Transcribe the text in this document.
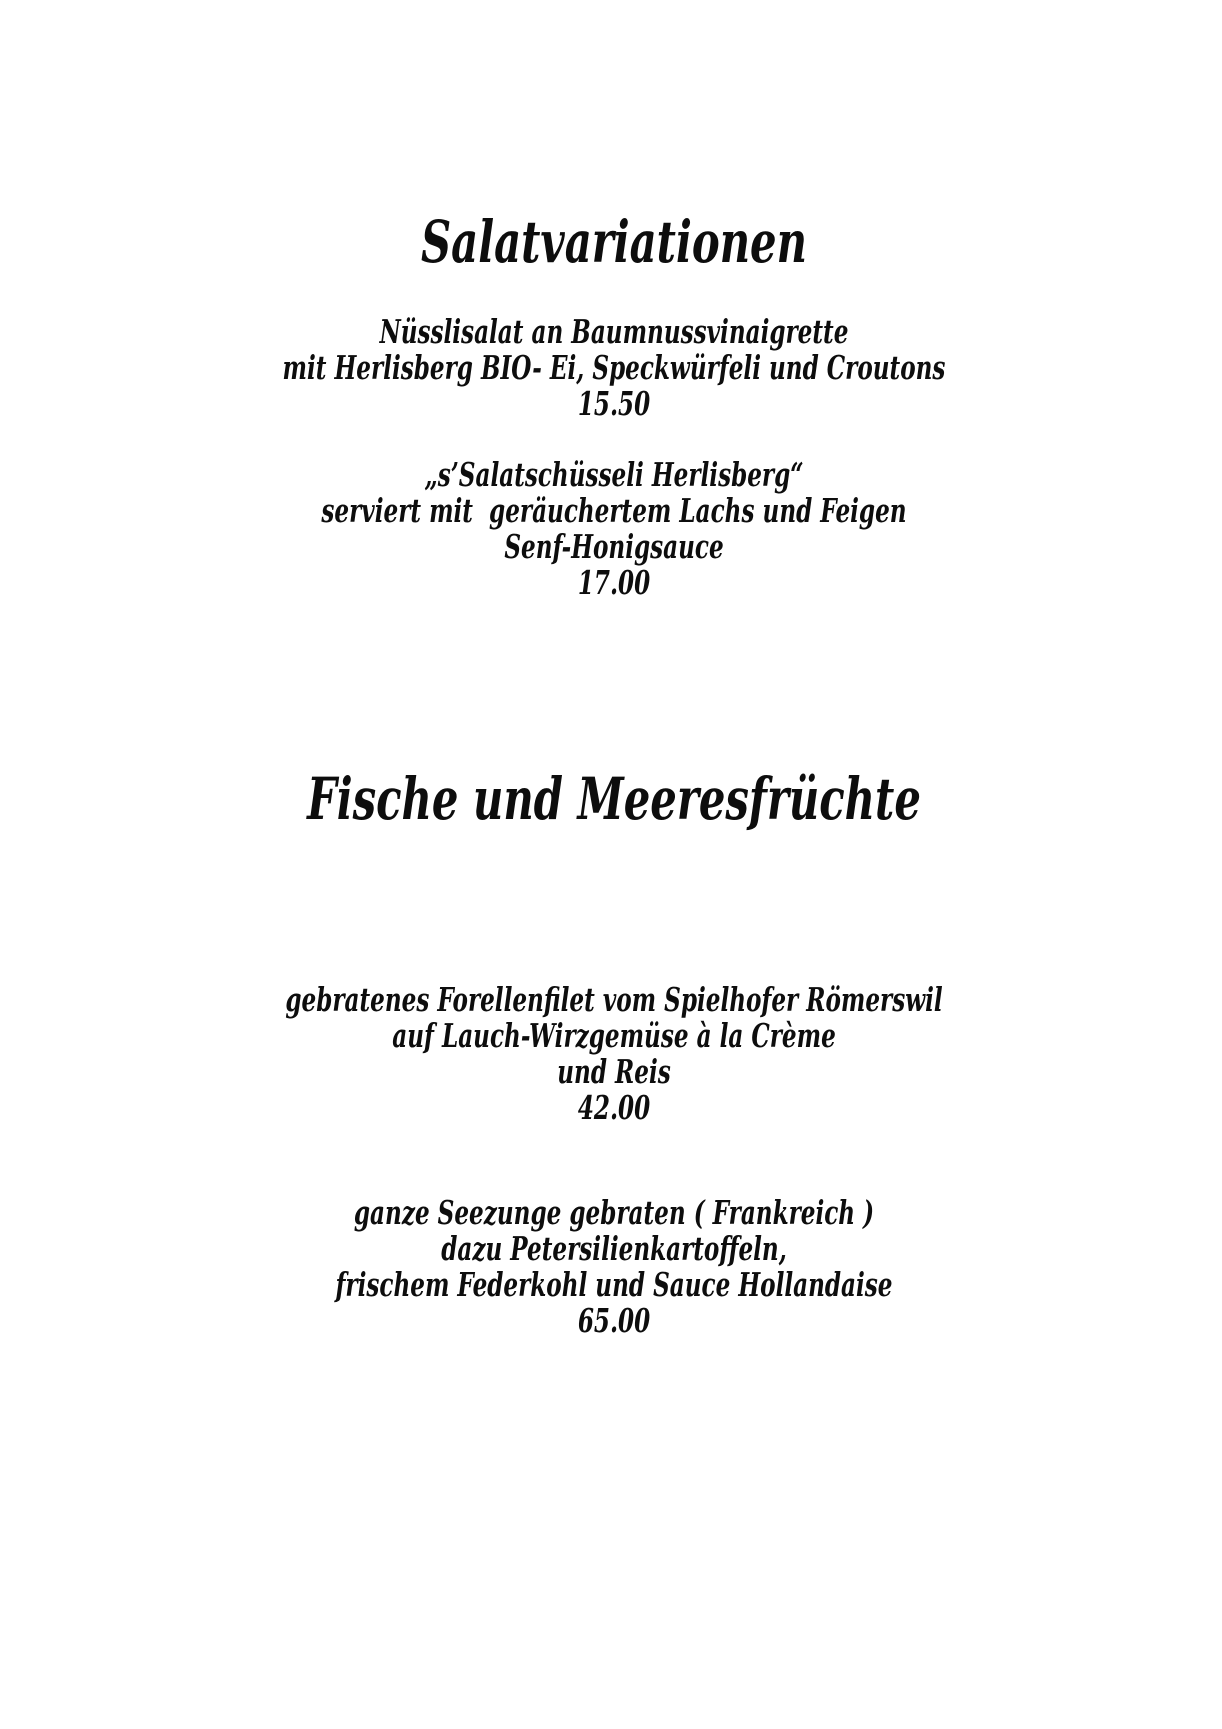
Salatvariationen
Nüsslisalat an Baumnussvinaigrette
mit Herlisberg BIO- Ei, Speckwürfeli und Croutons
15.50
„s’Salatschüsseli Herlisberg“
serviert mit  geräuchertem Lachs und Feigen
Senf-Honigsauce
17.00
Fische und Meeresfrüchte
gebratenes Forellenfilet vom Spielhofer Römerswil
auf Lauch-Wirzgemüse à la Crème
und Reis
42.00
ganze Seezunge gebraten ( Frankreich )
dazu Petersilienkartoffeln,
frischem Federkohl und Sauce Hollandaise
65.00
